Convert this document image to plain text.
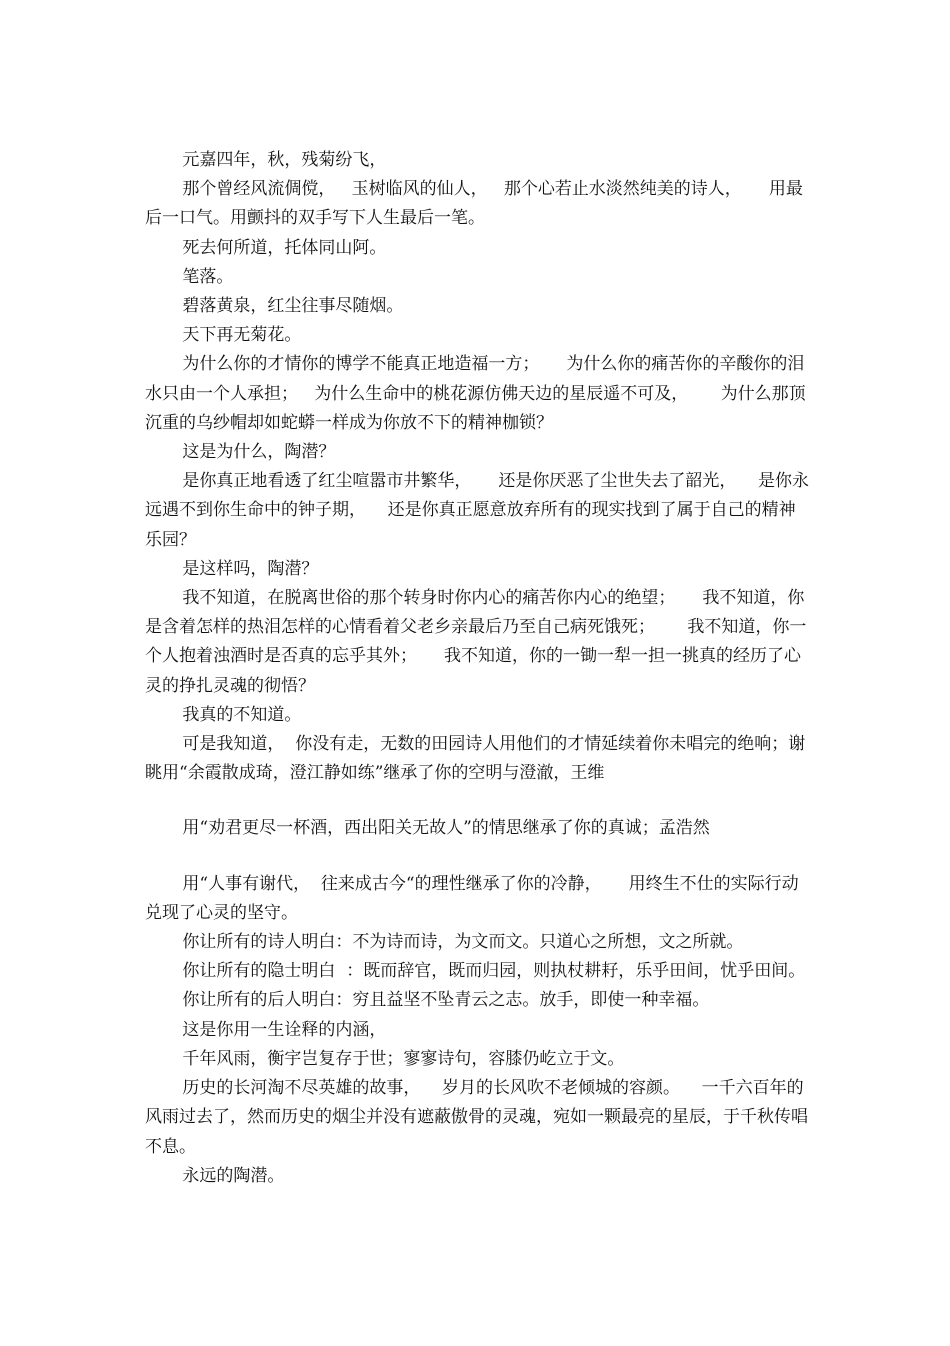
元嘉四年，秋，残菊纷飞，

那个曾经风流倜傥，   玉树临风的仙人，   那个心若止水淡然纯美的诗人，     用最后一口气。用颤抖的双手写下人生最后一笔。

死去何所道，托体同山阿。

笔落。

碧落黄泉，红尘往事尽随烟。

天下再无菊花。

为什么你的才情你的博学不能真正地造福一方；     为什么你的痛苦你的辛酸你的泪水只由一个人承担；   为什么生命中的桃花源仿佛天边的星辰遥不可及，      为什么那顶沉重的乌纱帽却如蛇蟒一样成为你放不下的精神枷锁？

这是为什么，陶潜？

是你真正地看透了红尘喧嚣市井繁华，     还是你厌恶了尘世失去了韶光，    是你永远遇不到你生命中的钟子期，    还是你真正愿意放弃所有的现实找到了属于自己的精神乐园？

是这样吗，陶潜？

我不知道，在脱离世俗的那个转身时你内心的痛苦你内心的绝望；     我不知道，你是含着怎样的热泪怎样的心情看着父老乡亲最后乃至自己病死饿死；      我不知道，你一个人抱着浊酒时是否真的忘乎其外；     我不知道，你的一锄一犁一担一挑真的经历了心灵的挣扎灵魂的彻悟？

我真的不知道。

可是我知道，  你没有走，无数的田园诗人用他们的才情延续着你未唱完的绝响；谢眺用“余霞散成琦，澄江静如练”继承了你的空明与澄澈，王维

用“劝君更尽一杯酒，西出阳关无故人”的情思继承了你的真诚；孟浩然

用“人事有谢代，  往来成古今“的理性继承了你的冷静，     用终生不仕的实际行动兑现了心灵的坚守。

你让所有的诗人明白：不为诗而诗，为文而文。只道心之所想，文之所就。

你让所有的隐士明白  ：既而辞官，既而归园，则执杖耕耔，乐乎田间，忧乎田间。

你让所有的后人明白：穷且益坚不坠青云之志。放手，即使一种幸福。

这是你用一生诠释的内涵，

千年风雨，衡宇岂复存于世；寥寥诗句，容膝仍屹立于文。

历史的长河淘不尽英雄的故事，    岁月的长风吹不老倾城的容颜。    一千六百年的风雨过去了，然而历史的烟尘并没有遮蔽傲骨的灵魂，宛如一颗最亮的星辰，于千秋传唱不息。

永远的陶潜。
